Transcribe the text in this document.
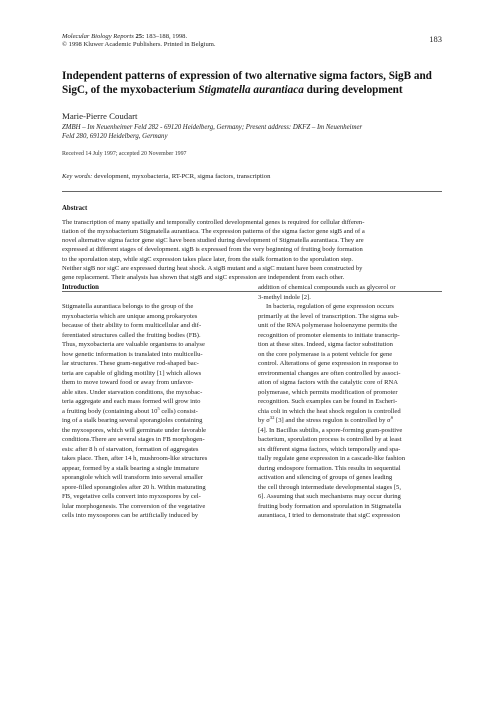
Molecular Biology Reports 25: 183–188, 1998.
© 1998 Kluwer Academic Publishers. Printed in Belgium.
183
Independent patterns of expression of two alternative sigma factors, SigB and SigC, of the myxobacterium Stigmatella aurantiaca during development
Marie-Pierre Coudart
ZMBH – Im Neuenheimer Feld 282 - 69120 Heidelberg, Germany; Present address: DKFZ – Im Neuenheimer
Feld 280, 69120 Heidelberg, Germany
Received 14 July 1997; accepted 20 November 1997
Key words: development, myxobacteria, RT-PCR, sigma factors, transcription
Abstract
The transcription of many spatially and temporally controlled developmental genes is required for cellular differen-
tiation of the myxobacterium Stigmatella aurantiaca. The expression patterns of the sigma factor gene sigB and of a
novel alternative sigma factor gene sigC have been studied during development of Stigmatella aurantiaca. They are
expressed at different stages of development. sigB is expressed from the very beginning of fruiting body formation
to the sporulation step, while sigC expression takes place later, from the stalk formation to the sporulation step.
Neither sigB nor sigC are expressed during heat shock. A sigB mutant and a sigC mutant have been constructed by
gene replacement. Their analysis has shown that sigB and sigC expression are independent from each other.
Introduction
Stigmatella aurantiaca belongs to the group of the
myxobacteria which are unique among prokaryotes
because of their ability to form multicellular and dif-
ferentiated structures called the fruiting bodies (FB).
Thus, myxobacteria are valuable organisms to analyse
how genetic information is translated into multicellu-
lar structures. These gram-negative rod-shaped bac-
teria are capable of gliding motility [1] which allows
them to move toward food or away from unfavor-
able sites. Under starvation conditions, the myxobac-
teria aggregate and each mass formed will grow into
a fruiting body (containing about $10^5$ cells) consist-
ing of a stalk bearing several sporangioles containing
the myxospores, which will germinate under favorable
conditions.There are several stages in FB morphogen-
esis: after 8 h of starvation, formation of aggregates
takes place. Then, after 14 h, mushroom-like structures
appear, formed by a stalk bearing a single immature
sporangiole which will transform into several smaller
spore-filled sporangioles after 20 h. Within maturating
FB, vegetative cells convert into myxospores by cel-
lular morphogenesis. The conversion of the vegetative
cells into myxospores can be artificially induced by
addition of chemical compounds such as glycerol or
3-methyl indole [2].
In bacteria, regulation of gene expression occurs
primarily at the level of transcription. The sigma sub-
unit of the RNA polymerase holoenzyme permits the
recognition of promoter elements to initiate transcrip-
tion at these sites. Indeed, sigma factor substitution
on the core polymerase is a potent vehicle for gene
control. Alterations of gene expression in response to
environmental changes are often controlled by associ-
ation of sigma factors with the catalytic core of RNA
polymerase, which permits modification of promoter
recognition. Such examples can be found in Escheri-
chia coli in which the heat shock regulon is controlled
by $\sigma^{32}$ [3] and the stress regulon is controlled by $\sigma^S$
[4]. In Bacillus subtilis, a spore-forming gram-positive
bacterium, sporulation process is controlled by at least
six different sigma factors, which temporally and spa-
tially regulate gene expression in a cascade-like fashion
during endospore formation. This results in sequential
activation and silencing of groups of genes leading
the cell through intermediate developmental stages [5,
6]. Assuming that such mechanisms may occur during
fruiting body formation and sporulation in Stigmatella
aurantiaca, I tried to demonstrate that sigC expression
